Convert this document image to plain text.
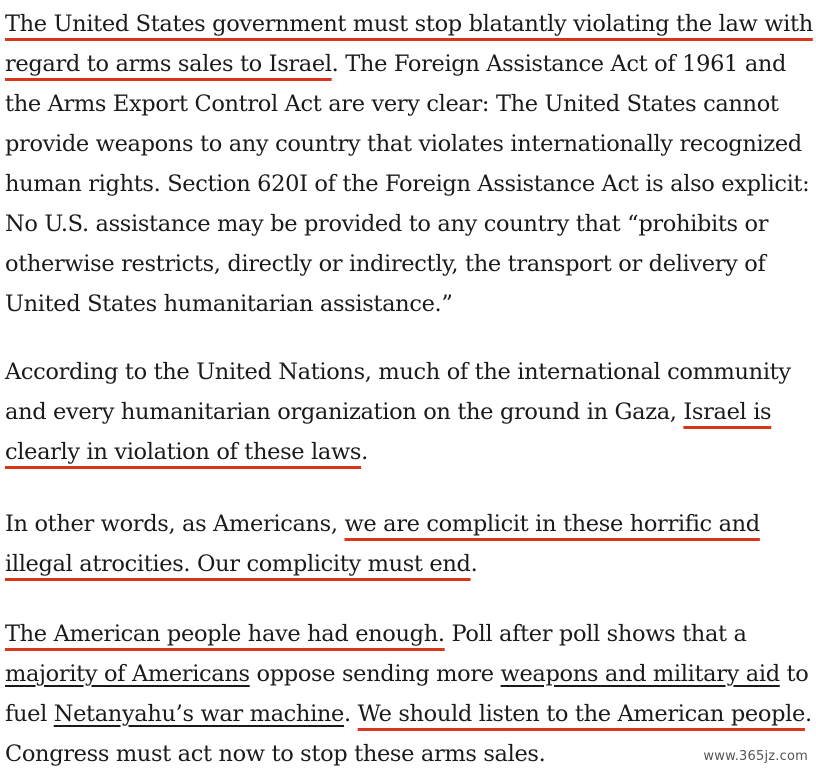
The United States government must stop blatantly violating the law with regard to arms sales to Israel. The Foreign Assistance Act of 1961 and the Arms Export Control Act are very clear: The United States cannot provide weapons to any country that violates internationally recognized human rights. Section 620I of the Foreign Assistance Act is also explicit: No U.S. assistance may be provided to any country that “prohibits or otherwise restricts, directly or indirectly, the transport or delivery of United States humanitarian assistance.”

According to the United Nations, much of the international community and every humanitarian organization on the ground in Gaza, Israel is clearly in violation of these laws.

In other words, as Americans, we are complicit in these horrific and illegal atrocities. Our complicity must end.

The American people have had enough. Poll after poll shows that a majority of Americans oppose sending more weapons and military aid to fuel Netanyahu’s war machine. We should listen to the American people. Congress must act now to stop these arms sales.	www.365jz.com
